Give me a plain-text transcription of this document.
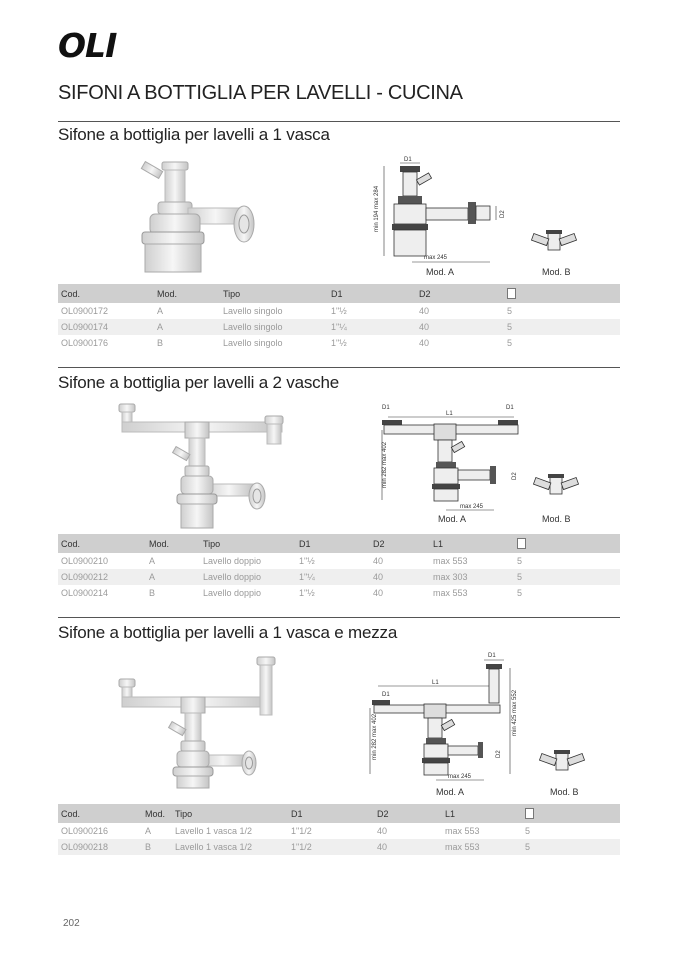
OLI
SIFONI A BOTTIGLIA PER LAVELLI - CUCINA
Sifone a bottiglia per lavelli a 1 vasca
D1
min 194 max 284	D2
max 245
Mod. A	Mod. B
Cod.	Mod.	Tipo	D1	D2	
OL0900172	A	Lavello singolo	1"½	40	5
OL0900174	A	Lavello singolo	1"¼	40	5
OL0900176	B	Lavello singolo	1"½	40	5
Sifone a bottiglia per lavelli a 2 vasche
D1	D1
L1
min 282 max 402	D2
max 245
Mod. A	Mod. B
Cod.	Mod.	Tipo	D1	D2	L1	
OL0900210	A	Lavello doppio	1"½	40	max 553	5
OL0900212	A	Lavello doppio	1"¼	40	max 303	5
OL0900214	B	Lavello doppio	1"½	40	max 553	5
Sifone a bottiglia per lavelli a 1 vasca e mezza
D1
L1
D1
min 282 max 402
min 425 max 552
D2
max 245
Mod. A	Mod. B
Cod.	Mod.	Tipo	D1	D2	L1	
OL0900216	A	Lavello 1 vasca 1/2	1"1/2	40	max 553	5
OL0900218	B	Lavello 1 vasca 1/2	1"1/2	40	max 553	5
202
